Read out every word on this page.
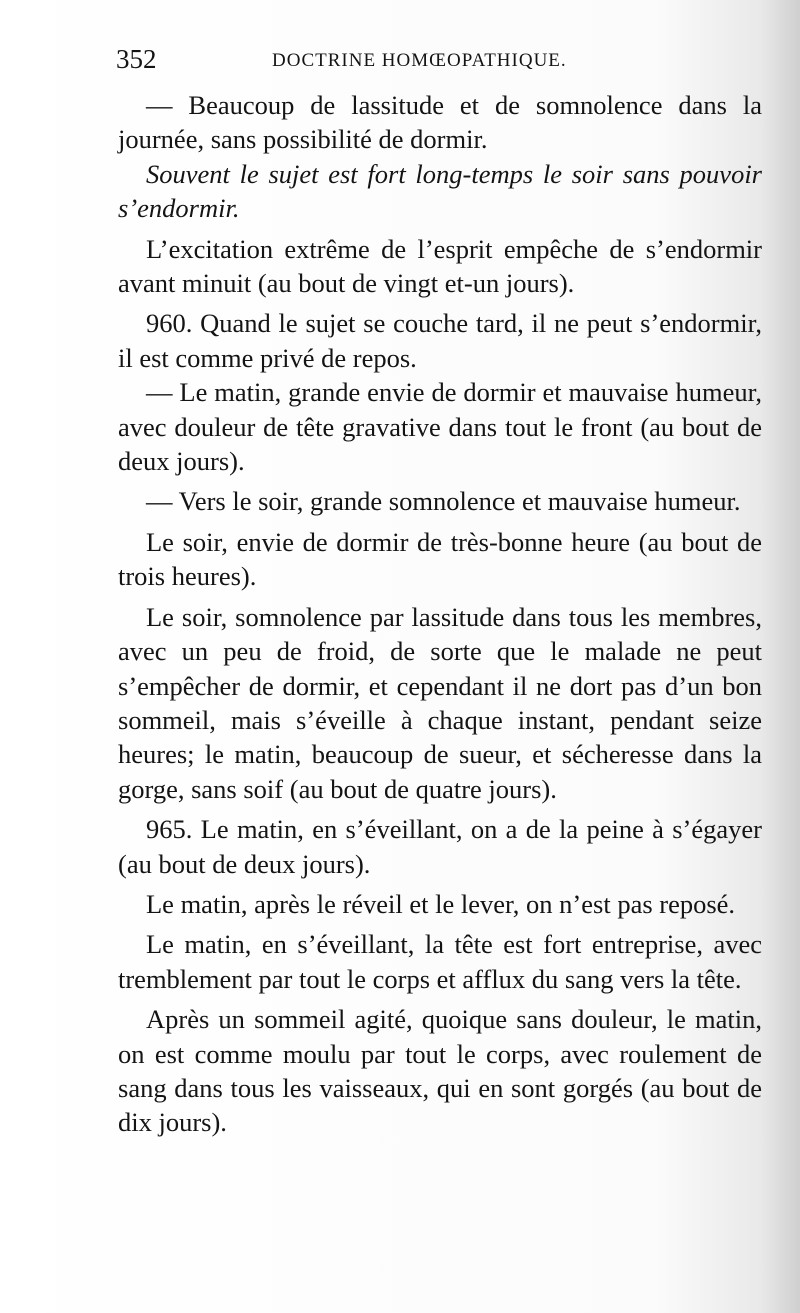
352	DOCTRINE HOMŒOPATHIQUE.

— Beaucoup de lassitude et de somnolence dans la journée, sans possibilité de dormir.

Souvent le sujet est fort long-temps le soir sans pouvoir s’endormir.

L’excitation extrême de l’esprit empêche de s’endormir avant minuit (au bout de vingt et-un jours).

960. Quand le sujet se couche tard, il ne peut s’endormir, il est comme privé de repos.

— Le matin, grande envie de dormir et mauvaise humeur, avec douleur de tête gravative dans tout le front (au bout de deux jours).

— Vers le soir, grande somnolence et mauvaise humeur.

Le soir, envie de dormir de très-bonne heure (au bout de trois heures).

Le soir, somnolence par lassitude dans tous les membres, avec un peu de froid, de sorte que le malade ne peut s’empêcher de dormir, et cependant il ne dort pas d’un bon sommeil, mais s’éveille à chaque instant, pendant seize heures; le matin, beaucoup de sueur, et sécheresse dans la gorge, sans soif (au bout de quatre jours).

965. Le matin, en s’éveillant, on a de la peine à s’égayer (au bout de deux jours).

Le matin, après le réveil et le lever, on n’est pas reposé.

Le matin, en s’éveillant, la tête est fort entreprise, avec tremblement par tout le corps et afflux du sang vers la tête.

Après un sommeil agité, quoique sans douleur, le matin, on est comme moulu par tout le corps, avec roulement de sang dans tous les vaisseaux, qui en sont gorgés (au bout de dix jours).
